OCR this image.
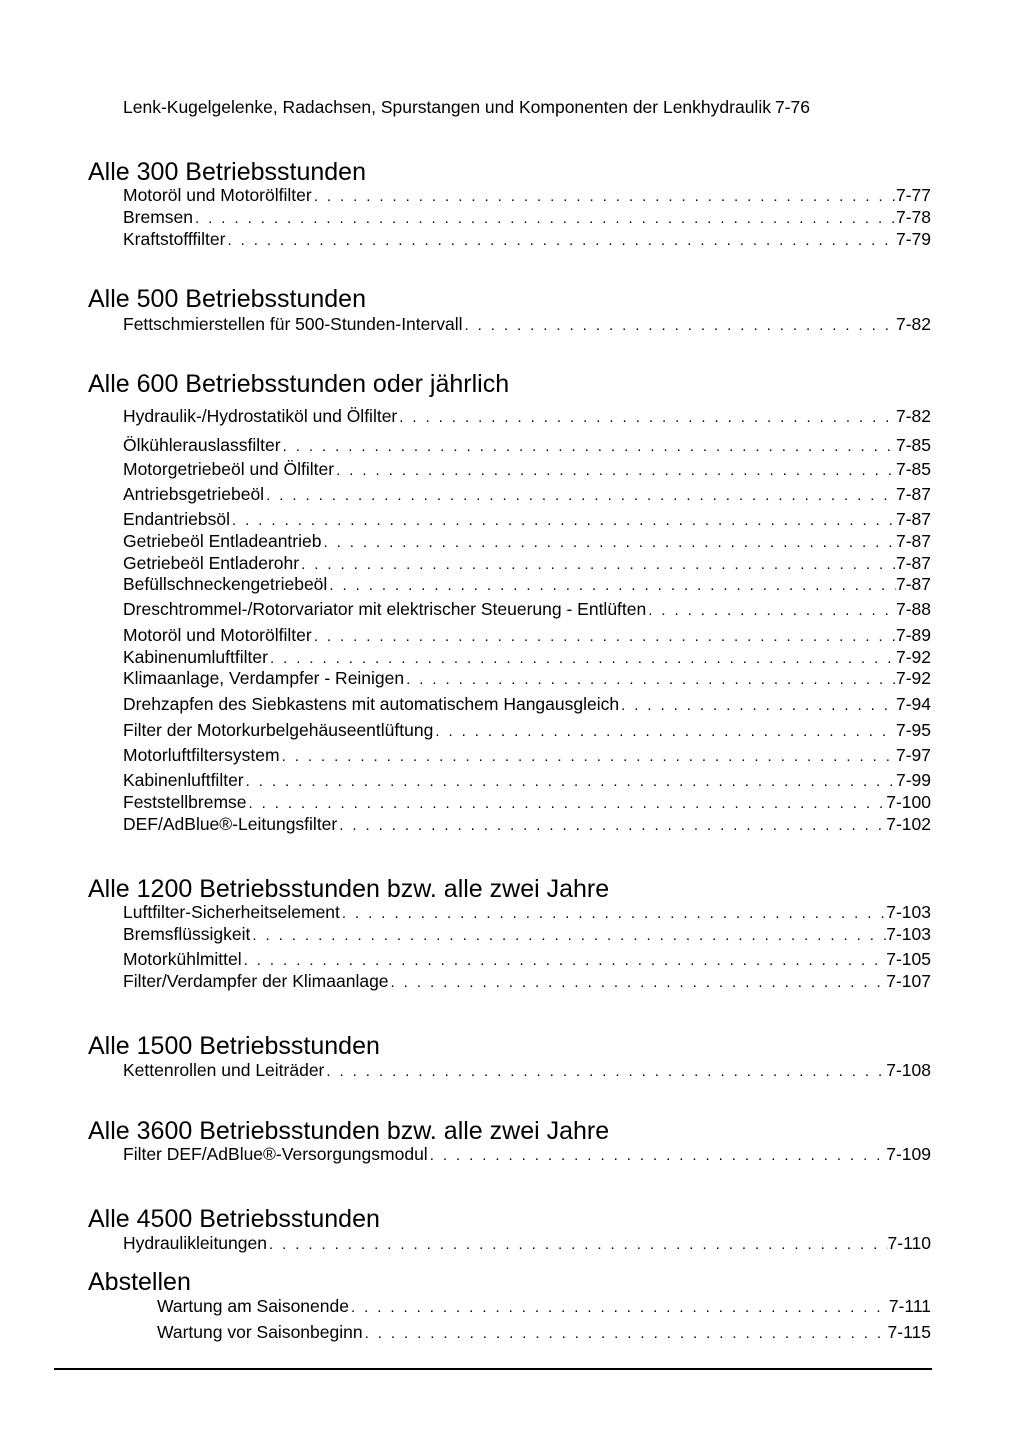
Lenk-Kugelgelenke, Radachsen, Spurstangen und Komponenten der Lenkhydraulik 7-76
Alle 300 Betriebsstunden
Motoröl und Motorölfilter . . .	7-77
Bremsen . . .	7-78
Kraftstofffilter . . .	7-79
Alle 500 Betriebsstunden
Fettschmierstellen für 500-Stunden-Intervall . . .	7-82
Alle 600 Betriebsstunden oder jährlich
Hydraulik-/Hydrostatiköl und Ölfilter . . .	7-82
Ölkühlerauslassfilter . . .	7-85
Motorgetriebeöl und Ölfilter . . .	7-85
Antriebsgetriebeöl . . .	7-87
Endantriebsöl . . .	7-87
Getriebeöl Entladeantrieb . . .	7-87
Getriebeöl Entladerohr . . .	7-87
Befüllschneckengetriebeöl . . .	7-87
Dreschtrommel-/Rotorvariator mit elektrischer Steuerung - Entlüften . . .	7-88
Motoröl und Motorölfilter . . .	7-89
Kabinenumluftfilter . . .	7-92
Klimaanlage, Verdampfer - Reinigen . . .	7-92
Drehzapfen des Siebkastens mit automatischem Hangausgleich . . .	7-94
Filter der Motorkurbelgehäuseentlüftung . . .	7-95
Motorluftfiltersystem . . .	7-97
Kabinenluftfilter . . .	7-99
Feststellbremse . . .	7-100
DEF/AdBlue®-Leitungsfilter . . .	7-102
Alle 1200 Betriebsstunden bzw. alle zwei Jahre
Luftfilter-Sicherheitselement . . .	7-103
Bremsflüssigkeit . . .	7-103
Motorkühlmittel . . .	7-105
Filter/Verdampfer der Klimaanlage . . .	7-107
Alle 1500 Betriebsstunden
Kettenrollen und Leiträder . . .	7-108
Alle 3600 Betriebsstunden bzw. alle zwei Jahre
Filter DEF/AdBlue®-Versorgungsmodul . . .	7-109
Alle 4500 Betriebsstunden
Hydraulikleitungen . . .	7-110
Abstellen
Wartung am Saisonende . . .	7-111
Wartung vor Saisonbeginn . . .	7-115
